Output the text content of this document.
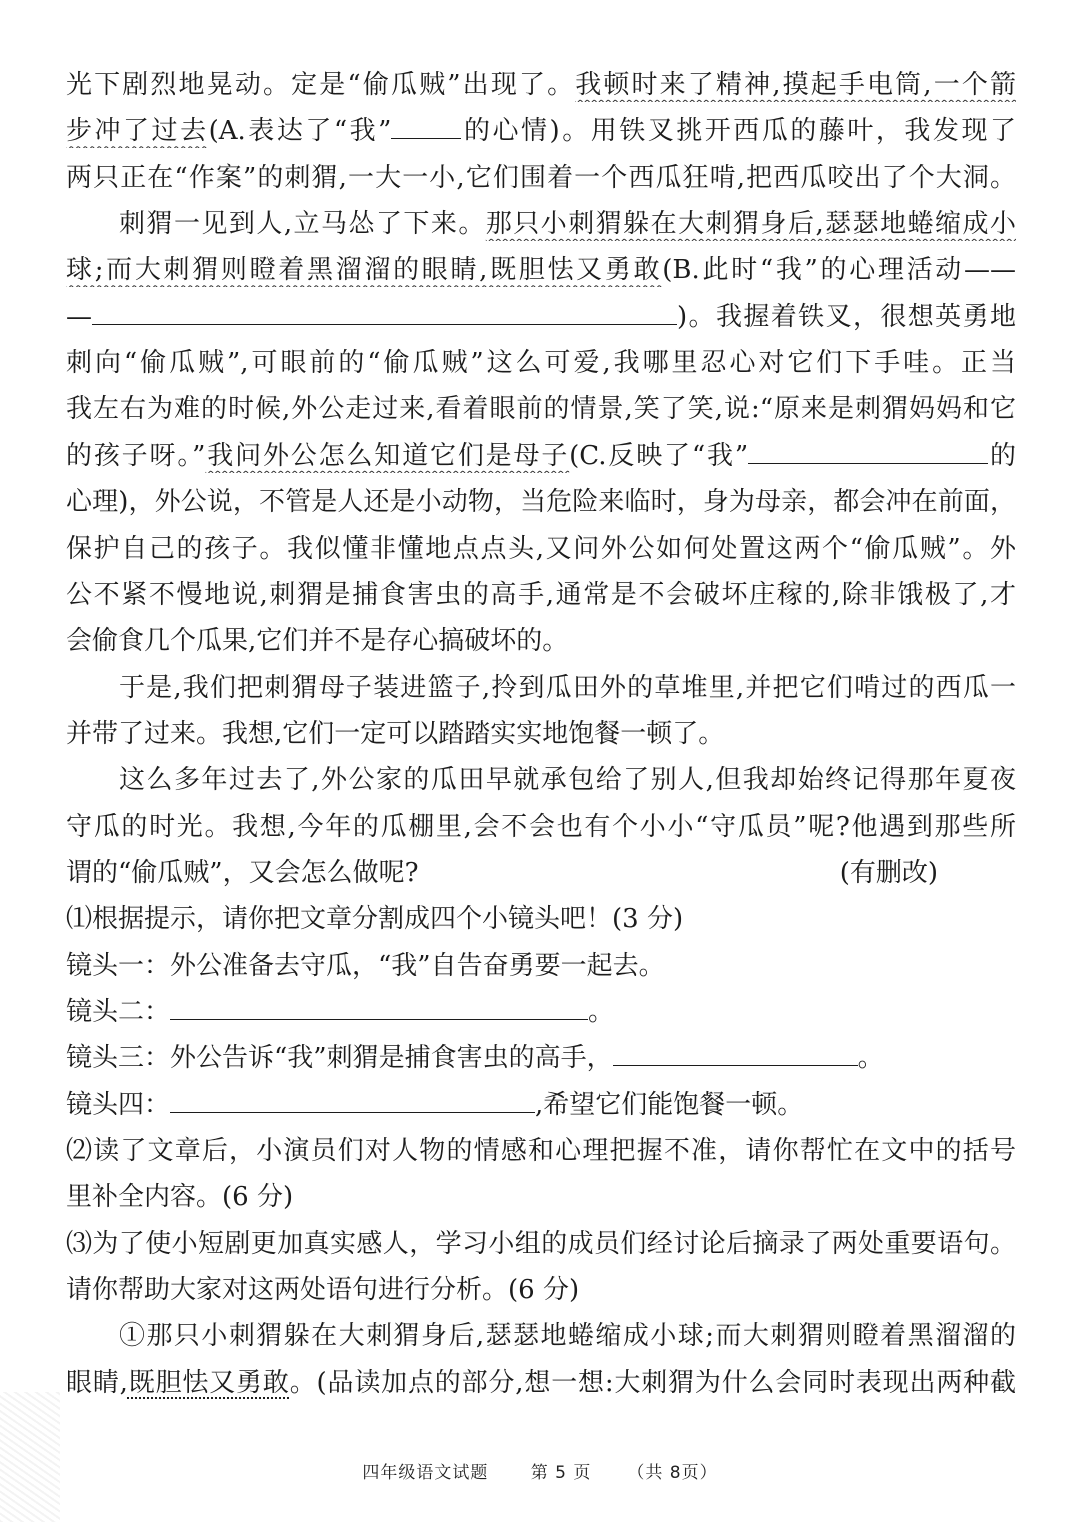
光下剧烈地晃动。定是“偷瓜贼”出现了。我顿时来了精神,摸起手电筒,一个箭
步冲了过去(A.表达了“我”	的心情)。用铁叉挑开西瓜的藤叶，我发现了
两只正在“作案”的刺猬,一大一小,它们围着一个西瓜狂啃,把西瓜咬出了个大洞。
刺猬一见到人,立马怂了下来。那只小刺猬躲在大刺猬身后,瑟瑟地蜷缩成小
球;而大刺猬则瞪着黑溜溜的眼睛,既胆怯又勇敢(B.此时“我”的心理活动——
—	)。我握着铁叉，很想英勇地
刺向“偷瓜贼”,可眼前的“偷瓜贼”这么可爱,我哪里忍心对它们下手哇。正当
我左右为难的时候,外公走过来,看着眼前的情景,笑了笑,说:“原来是刺猬妈妈和它
的孩子呀。”我问外公怎么知道它们是母子(C.反映了“我”	的
心理)，外公说，不管是人还是小动物，当危险来临时，身为母亲，都会冲在前面，
保护自己的孩子。我似懂非懂地点点头,又问外公如何处置这两个“偷瓜贼”。外
公不紧不慢地说,刺猬是捕食害虫的高手,通常是不会破坏庄稼的,除非饿极了,才
会偷食几个瓜果,它们并不是存心搞破坏的。
于是,我们把刺猬母子装进篮子,拎到瓜田外的草堆里,并把它们啃过的西瓜一
并带了过来。我想,它们一定可以踏踏实实地饱餐一顿了。
这么多年过去了,外公家的瓜田早就承包给了别人,但我却始终记得那年夏夜
守瓜的时光。我想,今年的瓜棚里,会不会也有个小小“守瓜员”呢?他遇到那些所
谓的“偷瓜贼”，又会怎么做呢?	(有删改)
⑴根据提示，请你把文章分割成四个小镜头吧！(3 分)
镜头一：外公准备去守瓜，“我”自告奋勇要一起去。
镜头二：	。
镜头三：外公告诉“我”刺猬是捕食害虫的高手，	。
镜头四：	,希望它们能饱餐一顿。
⑵读了文章后，小演员们对人物的情感和心理把握不准，请你帮忙在文中的括号
里补全内容。(6 分)
⑶为了使小短剧更加真实感人，学习小组的成员们经讨论后摘录了两处重要语句。
请你帮助大家对这两处语句进行分析。(6 分)
①那只小刺猬躲在大刺猬身后,瑟瑟地蜷缩成小球;而大刺猬则瞪着黑溜溜的
眼睛,既胆怯又勇敢。(品读加点的部分,想一想:大刺猬为什么会同时表现出两种截
四年级语文试题 第 5 页 （共 8页）
